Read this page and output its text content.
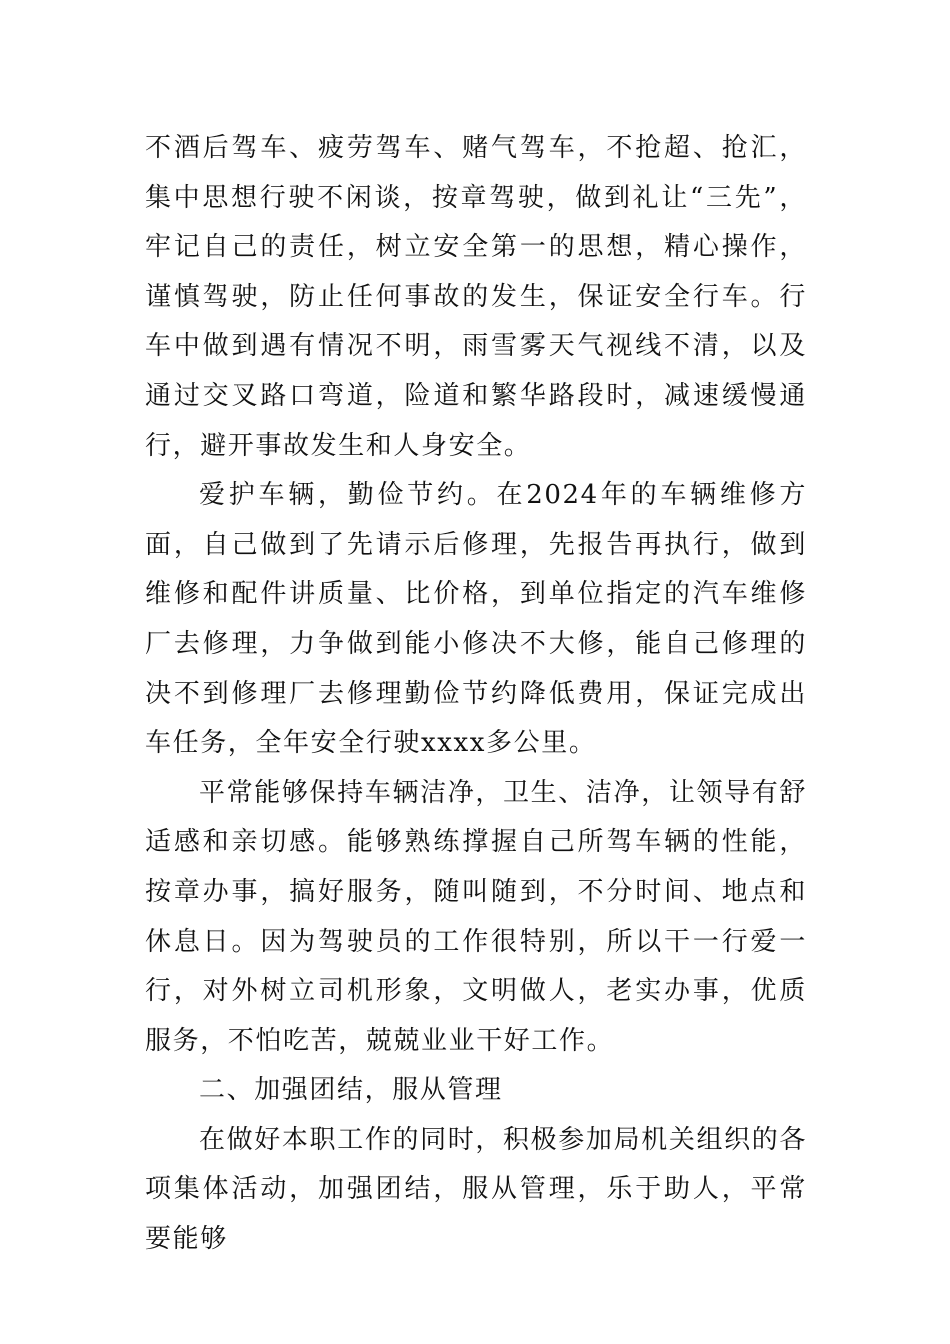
不酒后驾车、疲劳驾车、赌气驾车，不抢超、抢汇，集中思想行驶不闲谈，按章驾驶，做到礼让“三先”，牢记自己的责任，树立安全第一的思想，精心操作，谨慎驾驶，防止任何事故的发生，保证安全行车。行车中做到遇有情况不明，雨雪雾天气视线不清，以及通过交叉路口弯道，险道和繁华路段时，减速缓慢通行，避开事故发生和人身安全。

爱护车辆，勤俭节约。在2024年的车辆维修方面，自己做到了先请示后修理，先报告再执行，做到维修和配件讲质量、比价格，到单位指定的汽车维修厂去修理，力争做到能小修决不大修，能自己修理的决不到修理厂去修理勤俭节约降低费用，保证完成出车任务，全年安全行驶xxxx多公里。

平常能够保持车辆洁净，卫生、洁净，让领导有舒适感和亲切感。能够熟练撑握自己所驾车辆的性能，按章办事，搞好服务，随叫随到，不分时间、地点和休息日。因为驾驶员的工作很特别，所以干一行爱一行，对外树立司机形象，文明做人，老实办事，优质服务，不怕吃苦，兢兢业业干好工作。

二、加强团结，服从管理

在做好本职工作的同时，积极参加局机关组织的各项集体活动，加强团结，服从管理，乐于助人，平常要能够
